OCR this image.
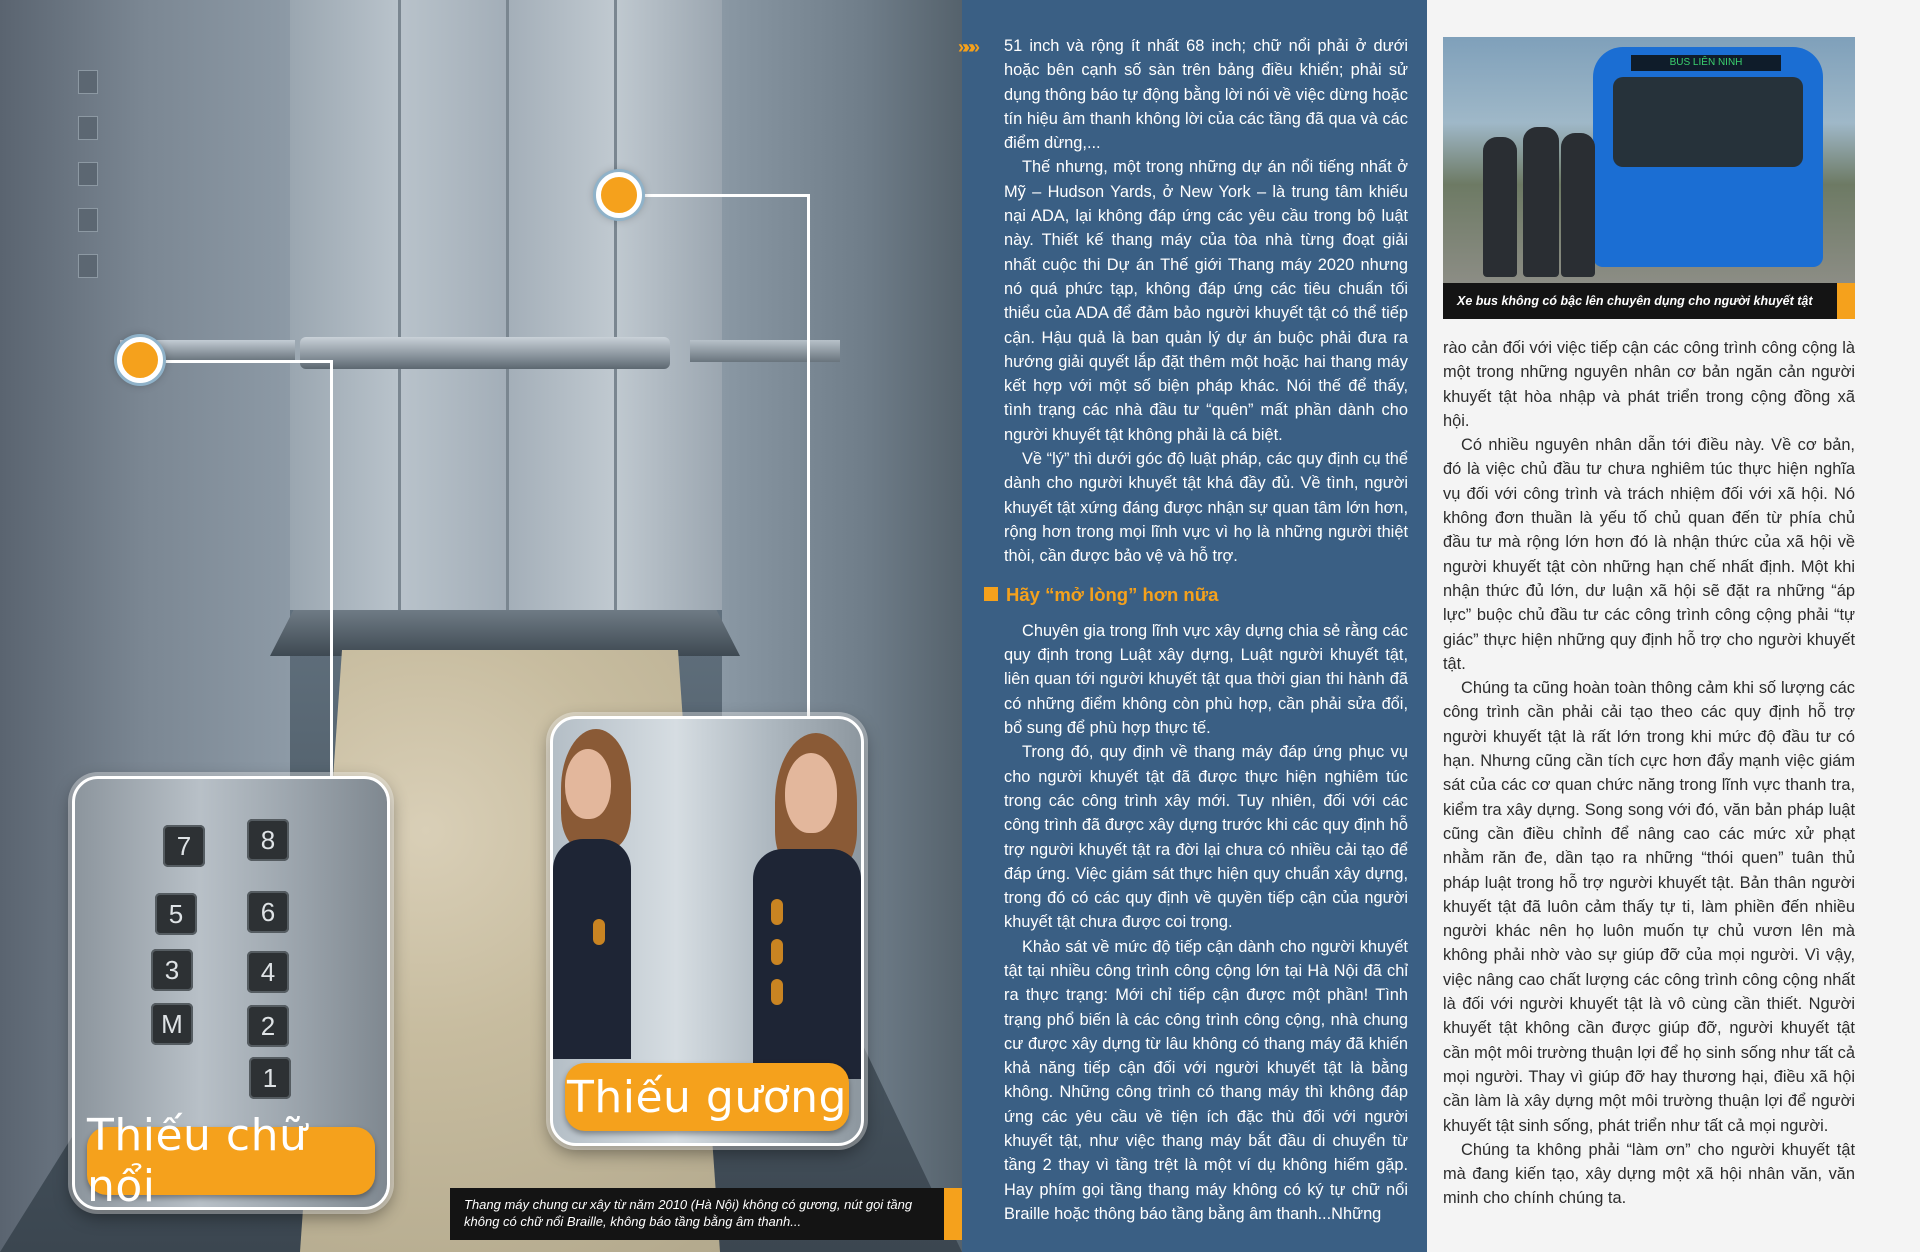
7	8
5	6
3	4
M	2
1
Thiếu chữ nổi
Thiếu gương
Thang máy chung cư xây từ năm 2010 (Hà Nội) không có gương, nút gọi tầng
không có chữ nổi Braille, không báo tầng bằng âm thanh...

51 inch và rộng ít nhất 68 inch; chữ nổi phải ở dưới hoặc bên cạnh số sàn trên bảng điều khiển; phải sử dụng thông báo tự động bằng lời nói về việc dừng hoặc tín hiệu âm thanh không lời của các tầng đã qua và các điểm dừng,...

Thế nhưng, một trong những dự án nổi tiếng nhất ở Mỹ – Hudson Yards, ở New York – là trung tâm khiếu nại ADA, lại không đáp ứng các yêu cầu trong bộ luật này. Thiết kế thang máy của tòa nhà từng đoạt giải nhất cuộc thi Dự án Thế giới Thang máy 2020 nhưng nó quá phức tạp, không đáp ứng các tiêu chuẩn tối thiểu của ADA để đảm bảo người khuyết tật có thể tiếp cận. Hậu quả là ban quản lý dự án buộc phải đưa ra hướng giải quyết lắp đặt thêm một hoặc hai thang máy kết hợp với một số biện pháp khác. Nói thế để thấy, tình trạng các nhà đầu tư “quên” mất phần dành cho người khuyết tật không phải là cá biệt.

Về “lý” thì dưới góc độ luật pháp, các quy định cụ thể dành cho người khuyết tật khá đầy đủ. Về tình, người khuyết tật xứng đáng được nhận sự quan tâm lớn hơn, rộng hơn trong mọi lĩnh vực vì họ là những người thiệt thòi, cần được bảo vệ và hỗ trợ.

Hãy “mở lòng” hơn nữa

Chuyên gia trong lĩnh vực xây dựng chia sẻ rằng các quy định trong Luật xây dựng, Luật người khuyết tật, liên quan tới người khuyết tật qua thời gian thi hành đã có những điểm không còn phù hợp, cần phải sửa đổi, bổ sung để phù hợp thực tế.

Trong đó, quy định về thang máy đáp ứng phục vụ cho người khuyết tật đã được thực hiện nghiêm túc trong các công trình xây mới. Tuy nhiên, đối với các công trình đã được xây dựng trước khi các quy định hỗ trợ người khuyết tật ra đời lại chưa có nhiều cải tạo để đáp ứng. Việc giám sát thực hiện quy chuẩn xây dựng, trong đó có các quy định về quyền tiếp cận của người khuyết tật chưa được coi trọng.

Khảo sát về mức độ tiếp cận dành cho người khuyết tật tại nhiều công trình công cộng lớn tại Hà Nội đã chỉ ra thực trạng: Mới chỉ tiếp cận được một phần! Tình trạng phổ biến là các công trình công cộng, nhà chung cư được xây dựng từ lâu không có thang máy đã khiến khả năng tiếp cận đối với người khuyết tật là bằng không. Những công trình có thang máy thì không đáp ứng các yêu cầu về tiện ích đặc thù đối với người khuyết tật, như việc thang máy bắt đầu di chuyển từ tầng 2 thay vì tầng trệt là một ví dụ không hiếm gặp. Hay phím gọi tầng thang máy không có ký tự chữ nổi Braille hoặc thông báo tầng bằng âm thanh...Những

»»»

rào cản đối với việc tiếp cận các công trình công cộng là một trong những nguyên nhân cơ bản ngăn cản người khuyết tật hòa nhập và phát triển trong cộng đồng xã hội.

Có nhiều nguyên nhân dẫn tới điều này. Về cơ bản, đó là việc chủ đầu tư chưa nghiêm túc thực hiện nghĩa vụ đối với công trình và trách nhiệm đối với xã hội. Nó không đơn thuần là yếu tố chủ quan đến từ phía chủ đầu tư mà rộng lớn hơn đó là nhận thức của xã hội về người khuyết tật còn những hạn chế nhất định. Một khi nhận thức đủ lớn, dư luận xã hội sẽ đặt ra những “áp lực” buộc chủ đầu tư các công trình công cộng phải “tự giác” thực hiện những quy định hỗ trợ cho người khuyết tật.

Chúng ta cũng hoàn toàn thông cảm khi số lượng các công trình cần phải cải tạo theo các quy định hỗ trợ người khuyết tật là rất lớn trong khi mức độ đầu tư có hạn. Nhưng cũng cần tích cực hơn đẩy mạnh việc giám sát của các cơ quan chức năng trong lĩnh vực thanh tra, kiểm tra xây dựng. Song song với đó, văn bản pháp luật cũng cần điều chỉnh để nâng cao các mức xử phạt nhằm răn đe, dần tạo ra những “thói quen” tuân thủ pháp luật trong hỗ trợ người khuyết tật. Bản thân người khuyết tật đã luôn cảm thấy tự ti, làm phiền đến nhiều người khác nên họ luôn muốn tự chủ vươn lên mà không phải nhờ vào sự giúp đỡ của mọi người. Vì vậy, việc nâng cao chất lượng các công trình công cộng nhất là đối với người khuyết tật là vô cùng cần thiết. Người khuyết tật không cần được giúp đỡ, người khuyết tật cần một môi trường thuận lợi để họ sinh sống như tất cả mọi người. Thay vì giúp đỡ hay thương hại, điều xã hội cần làm là xây dựng một môi trường thuận lợi để người khuyết tật sinh sống, phát triển như tất cả mọi người.

Chúng ta không phải “làm ơn” cho người khuyết tật mà đang kiến tạo, xây dựng một xã hội nhân văn, văn minh cho chính chúng ta.

BUS LIÊN NINH
Xe bus không có bậc lên chuyên dụng cho người khuyết tật
